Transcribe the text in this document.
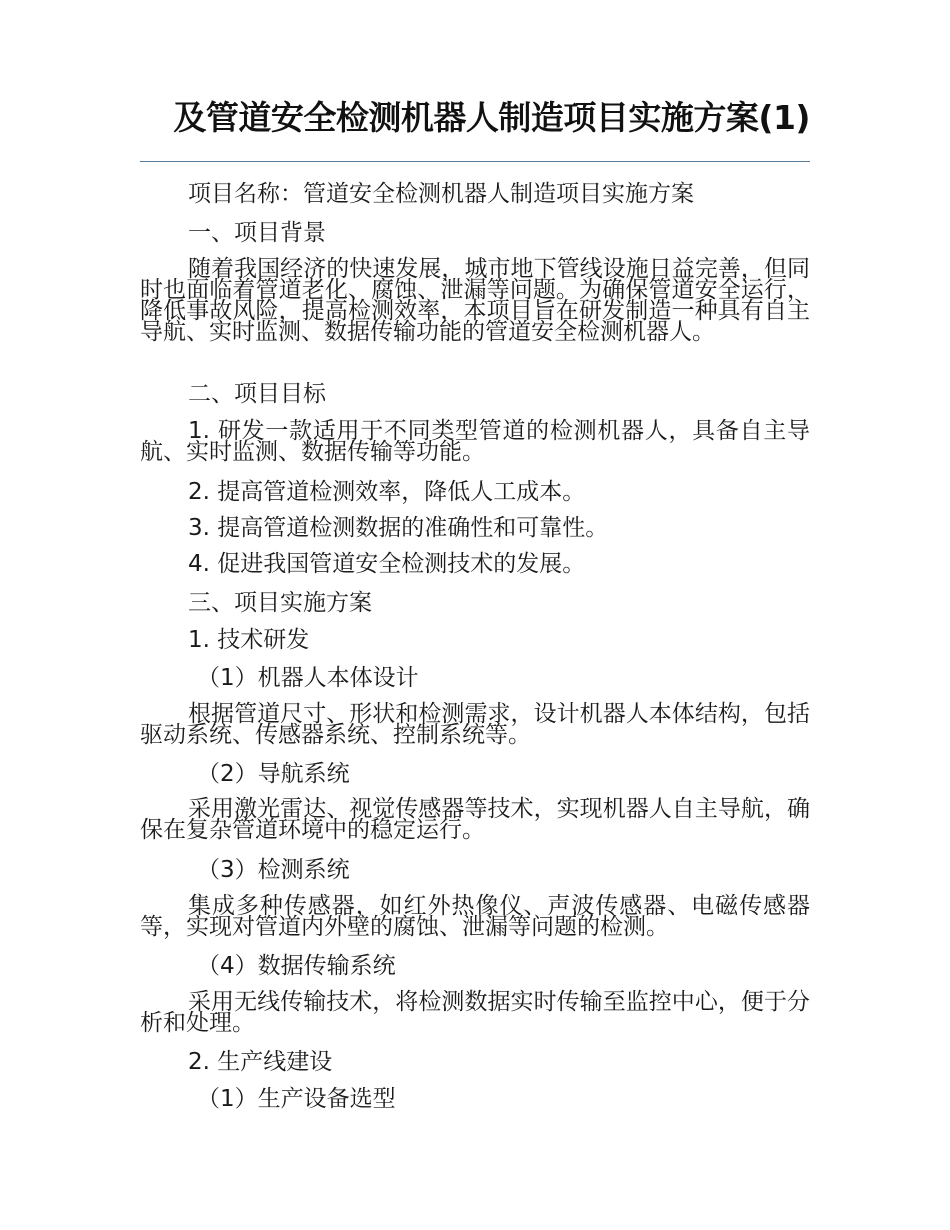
及管道安全检测机器人制造项目实施方案(1)
项目名称：管道安全检测机器人制造项目实施方案
一、项目背景
随着我国经济的快速发展，城市地下管线设施日益完善，但同时也面临着管道老化、腐蚀、泄漏等问题。为确保管道安全运行，降低事故风险，提高检测效率，本项目旨在研发制造一种具有自主导航、实时监测、数据传输功能的管道安全检测机器人。
二、项目目标
1. 研发一款适用于不同类型管道的检测机器人，具备自主导航、实时监测、数据传输等功能。
2. 提高管道检测效率，降低人工成本。
3. 提高管道检测数据的准确性和可靠性。
4. 促进我国管道安全检测技术的发展。
三、项目实施方案
1. 技术研发
（1）机器人本体设计
根据管道尺寸、形状和检测需求，设计机器人本体结构，包括驱动系统、传感器系统、控制系统等。
（2）导航系统
采用激光雷达、视觉传感器等技术，实现机器人自主导航，确保在复杂管道环境中的稳定运行。
（3）检测系统
集成多种传感器，如红外热像仪、声波传感器、电磁传感器等，实现对管道内外壁的腐蚀、泄漏等问题的检测。
（4）数据传输系统
采用无线传输技术，将检测数据实时传输至监控中心，便于分析和处理。
2. 生产线建设
（1）生产设备选型
